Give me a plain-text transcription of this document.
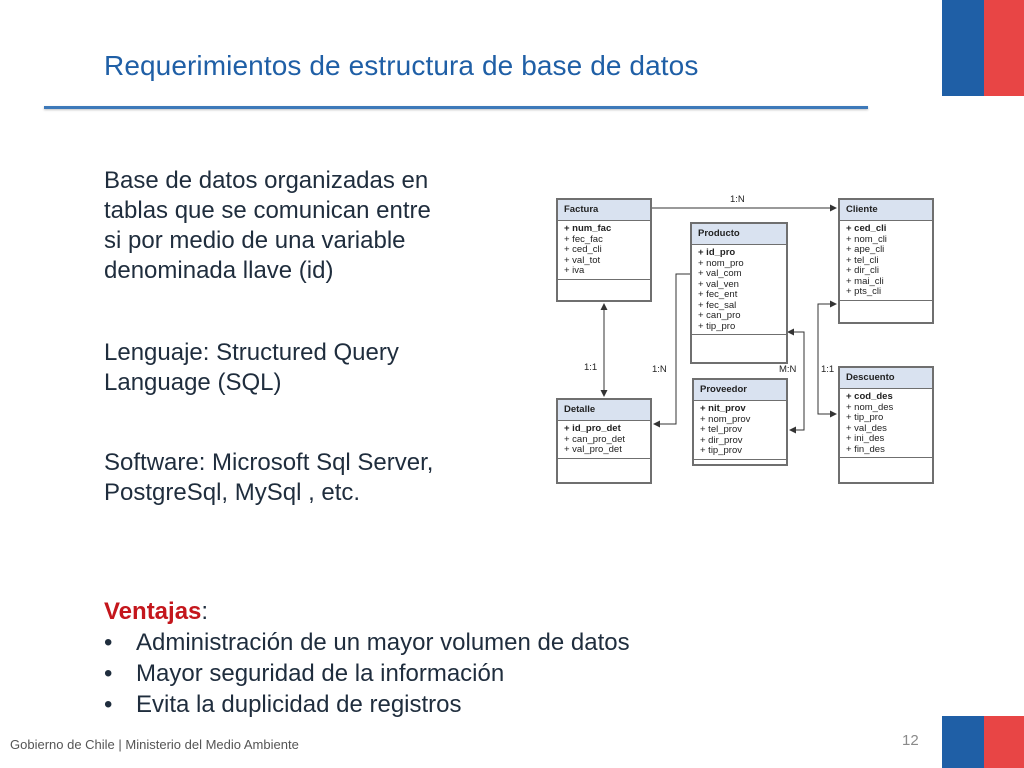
Requerimientos de estructura de base de datos

Base de datos organizadas en
tablas que se comunican entre
si por medio de una variable
denominada llave (id)

Lenguaje: Structured Query
Language (SQL)

Software: Microsoft Sql Server,
PostgreSql, MySql , etc.

Factura
+ num_fac
+ fec_fac
+ ced_cli
+ val_tot
+ iva
Producto
+ id_pro
+ nom_pro
+ val_com
+ val_ven
+ fec_ent
+ fec_sal
+ can_pro
+ tip_pro
Cliente
+ ced_cli
+ nom_cli
+ ape_cli
+ tel_cli
+ dir_cli
+ mai_cli
+ pts_cli
Detalle
+ id_pro_det
+ can_pro_det
+ val_pro_det
Proveedor
+ nit_prov
+ nom_prov
+ tel_prov
+ dir_prov
+ tip_prov
Descuento
+ cod_des
+ nom_des
+ tip_pro
+ val_des
+ ini_des
+ fin_des
1:N
1:1	1:N	M:N	1:1
Ventajas:
• Administración de un mayor volumen de datos
• Mayor seguridad de la información
• Evita la duplicidad de registros
Gobierno de Chile | Ministerio del Medio Ambiente	12
